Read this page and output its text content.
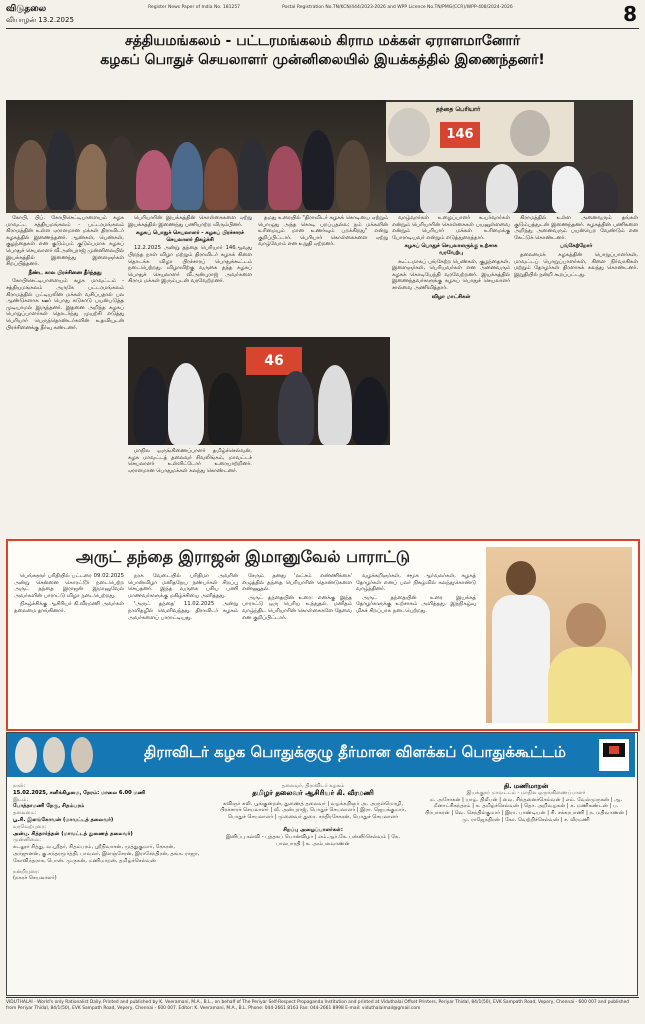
விடுதலை
வியாழன் 13.2.2025
Register News Paper of India No. 181257	Postal Registration No.TN/KCN/444/2023-2026 and WPP Licence No.TN/PMG(CCR)/WPP-408/2024-2026	8
சத்தியமங்கலம் - பட்டரமங்கலம் கிராம மக்கள் ஏராளமானோர்
கழகப் பொதுச் செயலாளர் முன்னிலையில் இயக்கத்தில் இணைந்தனர்!
146
தந்தை பெரியார்

கோபி, பிப். கோபிசெட்டிபாளையம் கழக மாவட்ட சத்தியமங்கலம் - பட்டரமங்கலம் கிராமத்தின் உள்ள ஏராளமான மக்கள் திராவிடர் கழகத்தில் இணைந்தனர். ஆண்கள், பெண்கள், குழந்தைகள் என குடும்பம் குடும்பமாக கழகப் பொதுச் செயலாளர் வீ.அன்புராஜ் முன்னிலையில் இயக்கத்தில் இணைந்து இளைஞர்கள் சிறப்பித்தனர்.

நீண்ட கால பிரச்சினை தீர்ந்தது

கோபிசெட்டிபாளையம் கழக மாவட்டம் - சத்தியமங்கலம் அருகே பட்டரமங்கலம் கிராமத்தில் பட்டியலின மக்கள் வசிப்பதால் பல ஆண்டுகளாக ஊர் பொது சுடுகாடு பயன்படுத்த முடியாமல் இருந்தனர். இதனை அறிந்த கழகப் பொறுப்பாளர்கள் தொடர்ந்து முயற்சி எடுத்து பெரியார் பெருந்தொண்டர்களின் உதவியுடன் பிரச்சினைக்கு தீர்வு கண்டனர்.

பெரியாரின் இயக்கத்தின் கொள்கைகளை ஏற்று இயக்கத்தில் இணைந்து பணியாற்ற விரும்பினர்.

கழகப் பொதுச் செயலாளர் - கழகப் பிரச்சாரச் செயலாளர் நிகழ்ச்சி

12.2.2025 அன்று தந்தை பெரியார் 146ஆவது பிறந்த நாள் விழா மற்றும் திராவிடர் கழகக் கிளை தொடக்க விழா பிரச்சாரப் பொதுக்கூட்டம் நடைபெற்றது. விழாவிற்கு வருகை தந்த கழகப் பொதுச் செயலாளர் வீ.அன்புராஜ் அவர்களை கிராம மக்கள் இரும்புடன் வரவேற்றனர்.

தமது உரையில் "திராவிடர் கழகக் கொடியை ஏற்றும் பொழுது அந்த கொடி பறப்பதல்ல; நம் மக்களின் உரிமையும் மான உணர்வும் பறக்கிறது" என்று குறிப்பிட்டார். பெரியார் கொள்கைகளை ஏற்று வாழ்வோம் என உறுதி ஏற்றனர்.

46

மாநில ஒருங்கிணைப்பாளர் தமிழ்ச்செல்வன், கழக மாவட்டத் தலைவர் சிவலிங்கம், மாவட்டச் செயலாளர் உள்ளிட்டோர் உரையாற்றினர். ஏராளமான பொதுமக்கள் கலந்து கொண்டனர்.

வாழ்வார்கள் உழைப்பாளர் உயர்வார்கள் என்றும் பெரியாரின் கொள்கைகள் பயனுள்ளவை என்றும் பெரியார் மக்கள் உரிமைக்கு போராடியவர் என்றும் எடுத்துரைத்தார்.

கழகப் பொதுச் செயலாளருக்கு உற்சாக வரவேற்பு

கூட்டமாகப் பங்கேற்ற பெண்கள், குழந்தைகள், இளைஞர்கள், பெரியவர்கள் என அனைவரும் கழகக் கொடியேந்தி வரவேற்றனர். இயக்கத்தில் இணைந்தவர்களுக்கு கழகப் பொதுச் செயலாளர் சால்வை அணிவித்தார்.

விழா மாட்சிகள்

கிராமத்தில் உள்ள அனைவரும் தங்கள் குடும்பத்துடன் இணைந்தனர். கழகத்தின் பணிகளை அறிந்து அனைவரும் பயன்பெற வேண்டும் என கேட்டுக் கொண்டனர்.

பங்கேற்றோர்

தலைமைக் கழகத்தின் பொறுப்பாளர்கள், மாவட்டப் பொறுப்பாளர்கள், கிளை நிர்வாகிகள் மற்றும் தோழர்கள் திரளாகக் கலந்து கொண்டனர். இறுதியில் நன்றி கூறப்பட்டது.

அருட் தந்தை இராஜன் இமானுவேல் பாராட்டு

பெங்களூர் பரிதியில் பட்டரை 09.02.2025 அன்று சென்னை கொரட்டூர் நடைபெற்ற அருட் தந்தை இராஜன் இமானுவேல் அவர்களின் பாராட்டு விழா நடைபெற்றது.

நிகழ்ச்சிக்கு ஆசிரியர் கி.வீரமணி அவர்கள் தலைமை தாங்கினார்.

நரக வேடையில் பரிதிமா அவரின் பொன்விழா மனிதநேய நண்பர்கள் சிறப்பு செய்தனர். இந்த வருகை பசிய பணி மாணவர்களுக்கு மகிழ்ச்சியை அளித்தது.

'அருட் தந்தை' 11.02.2025 அன்று நாளிதழில் வெளிவந்தது. திராவிடர் கழகம் அவர்களைப் பாராட்டியது.

சேரும் தனது 'லட்சம் எண்ணிக்கை' எழுத்தில் தந்தை பெரியாரின் தொண்டுகளை எண்ணுதல்.

அருட் தந்தையின் உரை: எனக்கு இந்த பாராட்டு ஒரு பெரிய உந்துதல். மனிதம் வாழ்ந்திட பெரியாரின் கொள்கைகளே தேவை என குறிப்பிட்டார்.

வழக்கறிஞர்கள், சமூக ஆர்வலர்கள், கழகத் தோழர்கள் எனப் பலர் நிகழ்வில் கலந்துகொண்டு வாழ்த்தினர்.

அருட் தந்தையின் உரை இயக்கத் தோழர்களுக்கு உற்சாகம் அளித்தது. இந்நிகழ்வு மிகச் சிறப்பாக நடைபெற்றது.

திராவிடர் கழக பொதுக்குழு தீர்மான விளக்கப் பொதுக்கூட்டம்
நாள்:
15.02.2025, சனிக்கிழமை, நேரம்: மாலை 6.00 மணி
இடம்:
போத்தாமணி நேரு, சிதம்பரம்
தலைமை:
பூ.சி. இளங்கோவன் (மாவட்டத் தலைவர்)
வரவேற்புரை:
அன்பு. சித்தார்த்தன் (மாவட்டத் துணைத் தலைவர்)
முன்னிலை:
கடலூர் சித்து, வ.ஸ்ரீதர், சிதம்பரம், ஸ்ரீநிவாசன், முத்துகுமார், சேகரன், அர்ஜுனன், கு.சுந்தரமூர்த்தி, பாவலர், இளஞ்சேரன், இராசேந்திரன், தங்க. ராஜா, கோவிந்தராசு, பொன். முருகன், மணிமாறன், தமிழ்ச்செல்வன்
நன்றியுரை:
(நகரச் செயலாளர்)
தலைவர், திராவிடர் கழகம்
தமிழர் தலைவர் ஆசிரியர் கி. வீரமணி
கவிஞர் கலி. பூங்குன்றன், துணைத் தலைவர் | வழக்கறிஞர் அ. அருள்மொழி, பிரச்சாரச் செயலாளர் | வீ. அன்புராஜ், பொதுச் செயலாளர் | இரா. ஜெயக்குமார், பொதுச் செயலாளர் | முனைவர் துரை. சந்திரசேகரன், பொதுச் செயலாளர்
சிறப்பு அழைப்பாளர்கள்:
இனிப்பு கல்வி - புத்தகப் பொன்விழா | எம்.ஆர்.கே. பன்னீர்செல்வம் | கே. பாலபாரதி | க. அம்பலவாணன்
தி. மணிமாறன்
இயக்குநர் மாவட்டம் - மாநில ஒருங்கிணைப்பாளர்
ம. அசோகன் | யாழ். திலீபன் | வை. சிந்தனைச்செல்வன் | எம். வேல்முருகன் | ஆ. மீனாட்சிசுந்தரம் | சு. தமிழ்ச்செல்வன் | தொ. அறிவழகன் | க. மணிகண்டன் | ப. பிரபாகரன் | வெ. செந்தில்குமார் | இரா. பாண்டியன் | சி. சக்கரபாணி | ந. மதிவாணன் | மு. ராஜேந்திரன் | கோ. வெற்றிச்செல்வன் | ச. வீரமணி
VIDUTHALAI - World's only Rationalist Daily. Printed and published by K. Veeramani, M.A., B.L., on behalf of The Periyar Self-Respect Propaganda Institution and printed at Viduthalai Offset Printers, Periyar Thidal, 84/1(50), EVK Sampath Road, Vepery, Chennai - 600 007 and published from Periyar Thidal, 84/1(50), EVK Sampath Road, Vepery, Chennai - 600 007. Editor: K. Veeramani, M.A., B.L. Phone: 044-2661 8163 Fax: 044-2661 8998 E-mail: viduthalaimail@gmail.com
